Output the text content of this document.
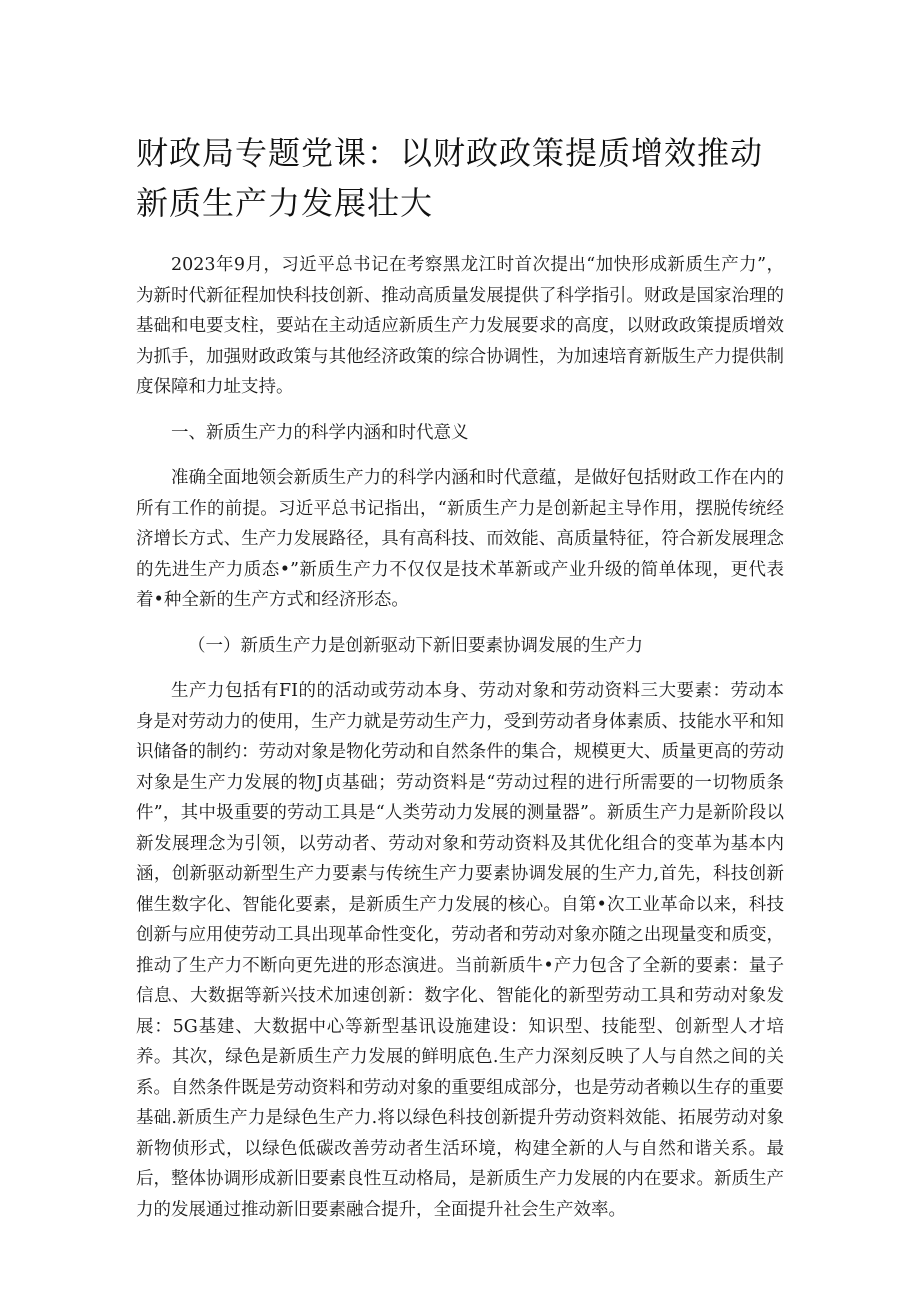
财政局专题党课：以财政政策提质增效推动新质生产力发展壮大

2023年9月，习近平总书记在考察黑龙江时首次提出“加快形成新质生产力”，为新时代新征程加快科技创新、推动高质量发展提供了科学指引。财政是国家治理的基础和电要支柱，要站在主动适应新质生产力发展要求的高度，以财政政策提质增效为抓手，加强财政政策与其他经济政策的综合协调性，为加速培育新版生产力提供制度保障和力址支持。

一、新质生产力的科学内涵和时代意义

准确全面地领会新质生产力的科学内涵和时代意蕴，是做好包括财政工作在内的所有工作的前提。习近平总书记指出，“新质生产力是创新起主导作用，摆脱传统经济增长方式、生产力发展路径，具有高科技、而效能、高质量特征，符合新发展理念的先进生产力质态•”新质生产力不仅仅是技术革新或产业升级的简单体现，更代表着•种全新的生产方式和经济形态。

（一）新质生产力是创新驱动下新旧要素协调发展的生产力

生产力包括有FI的的活动或劳动本身、劳动对象和劳动资料三大要素：劳动本身是对劳动力的使用，生产力就是劳动生产力，受到劳动者身体素质、技能水平和知识储备的制约：劳动对象是物化劳动和自然条件的集合，规模更大、质量更高的劳动对象是生产力发展的物J贞基础；劳动资料是“劳动过程的进行所需要的一切物质条件”，其中圾重要的劳动工具是“人类劳动力发展的测量器”。新质生产力是新阶段以新发展理念为引领，以劳动者、劳动对象和劳动资料及其优化组合的变革为基本内涵，创新驱动新型生产力要素与传统生产力要素协调发展的生产力,首先，科技创新催生数字化、智能化要素，是新质生产力发展的核心。自第•次工业革命以来，科技创新与应用使劳动工具出现革命性变化，劳动者和劳动对象亦随之出现量变和质变，推动了生产力不断向更先进的形态演进。当前新质牛•产力包含了全新的要素：量子信息、大数据等新兴技术加速创新：数字化、智能化的新型劳动工具和劳动对象发展：5G基建、大数据中心等新型基讯设施建设：知识型、技能型、创新型人才培养。其次，绿色是新质生产力发展的鲜明底色.生产力深刻反映了人与自然之间的关系。自然条件既是劳动资料和劳动对象的重要组成部分，也是劳动者赖以生存的重要基础.新质生产力是绿色生产力.将以绿色科技创新提升劳动资料效能、拓展劳动对象新物侦形式，以绿色低碳改善劳动者生活环境，构建全新的人与自然和谐关系。最后，整体协调形成新旧要素良性互动格局，是新质生产力发展的内在要求。新质生产力的发展通过推动新旧要素融合提升，全面提升社会生产效率。
